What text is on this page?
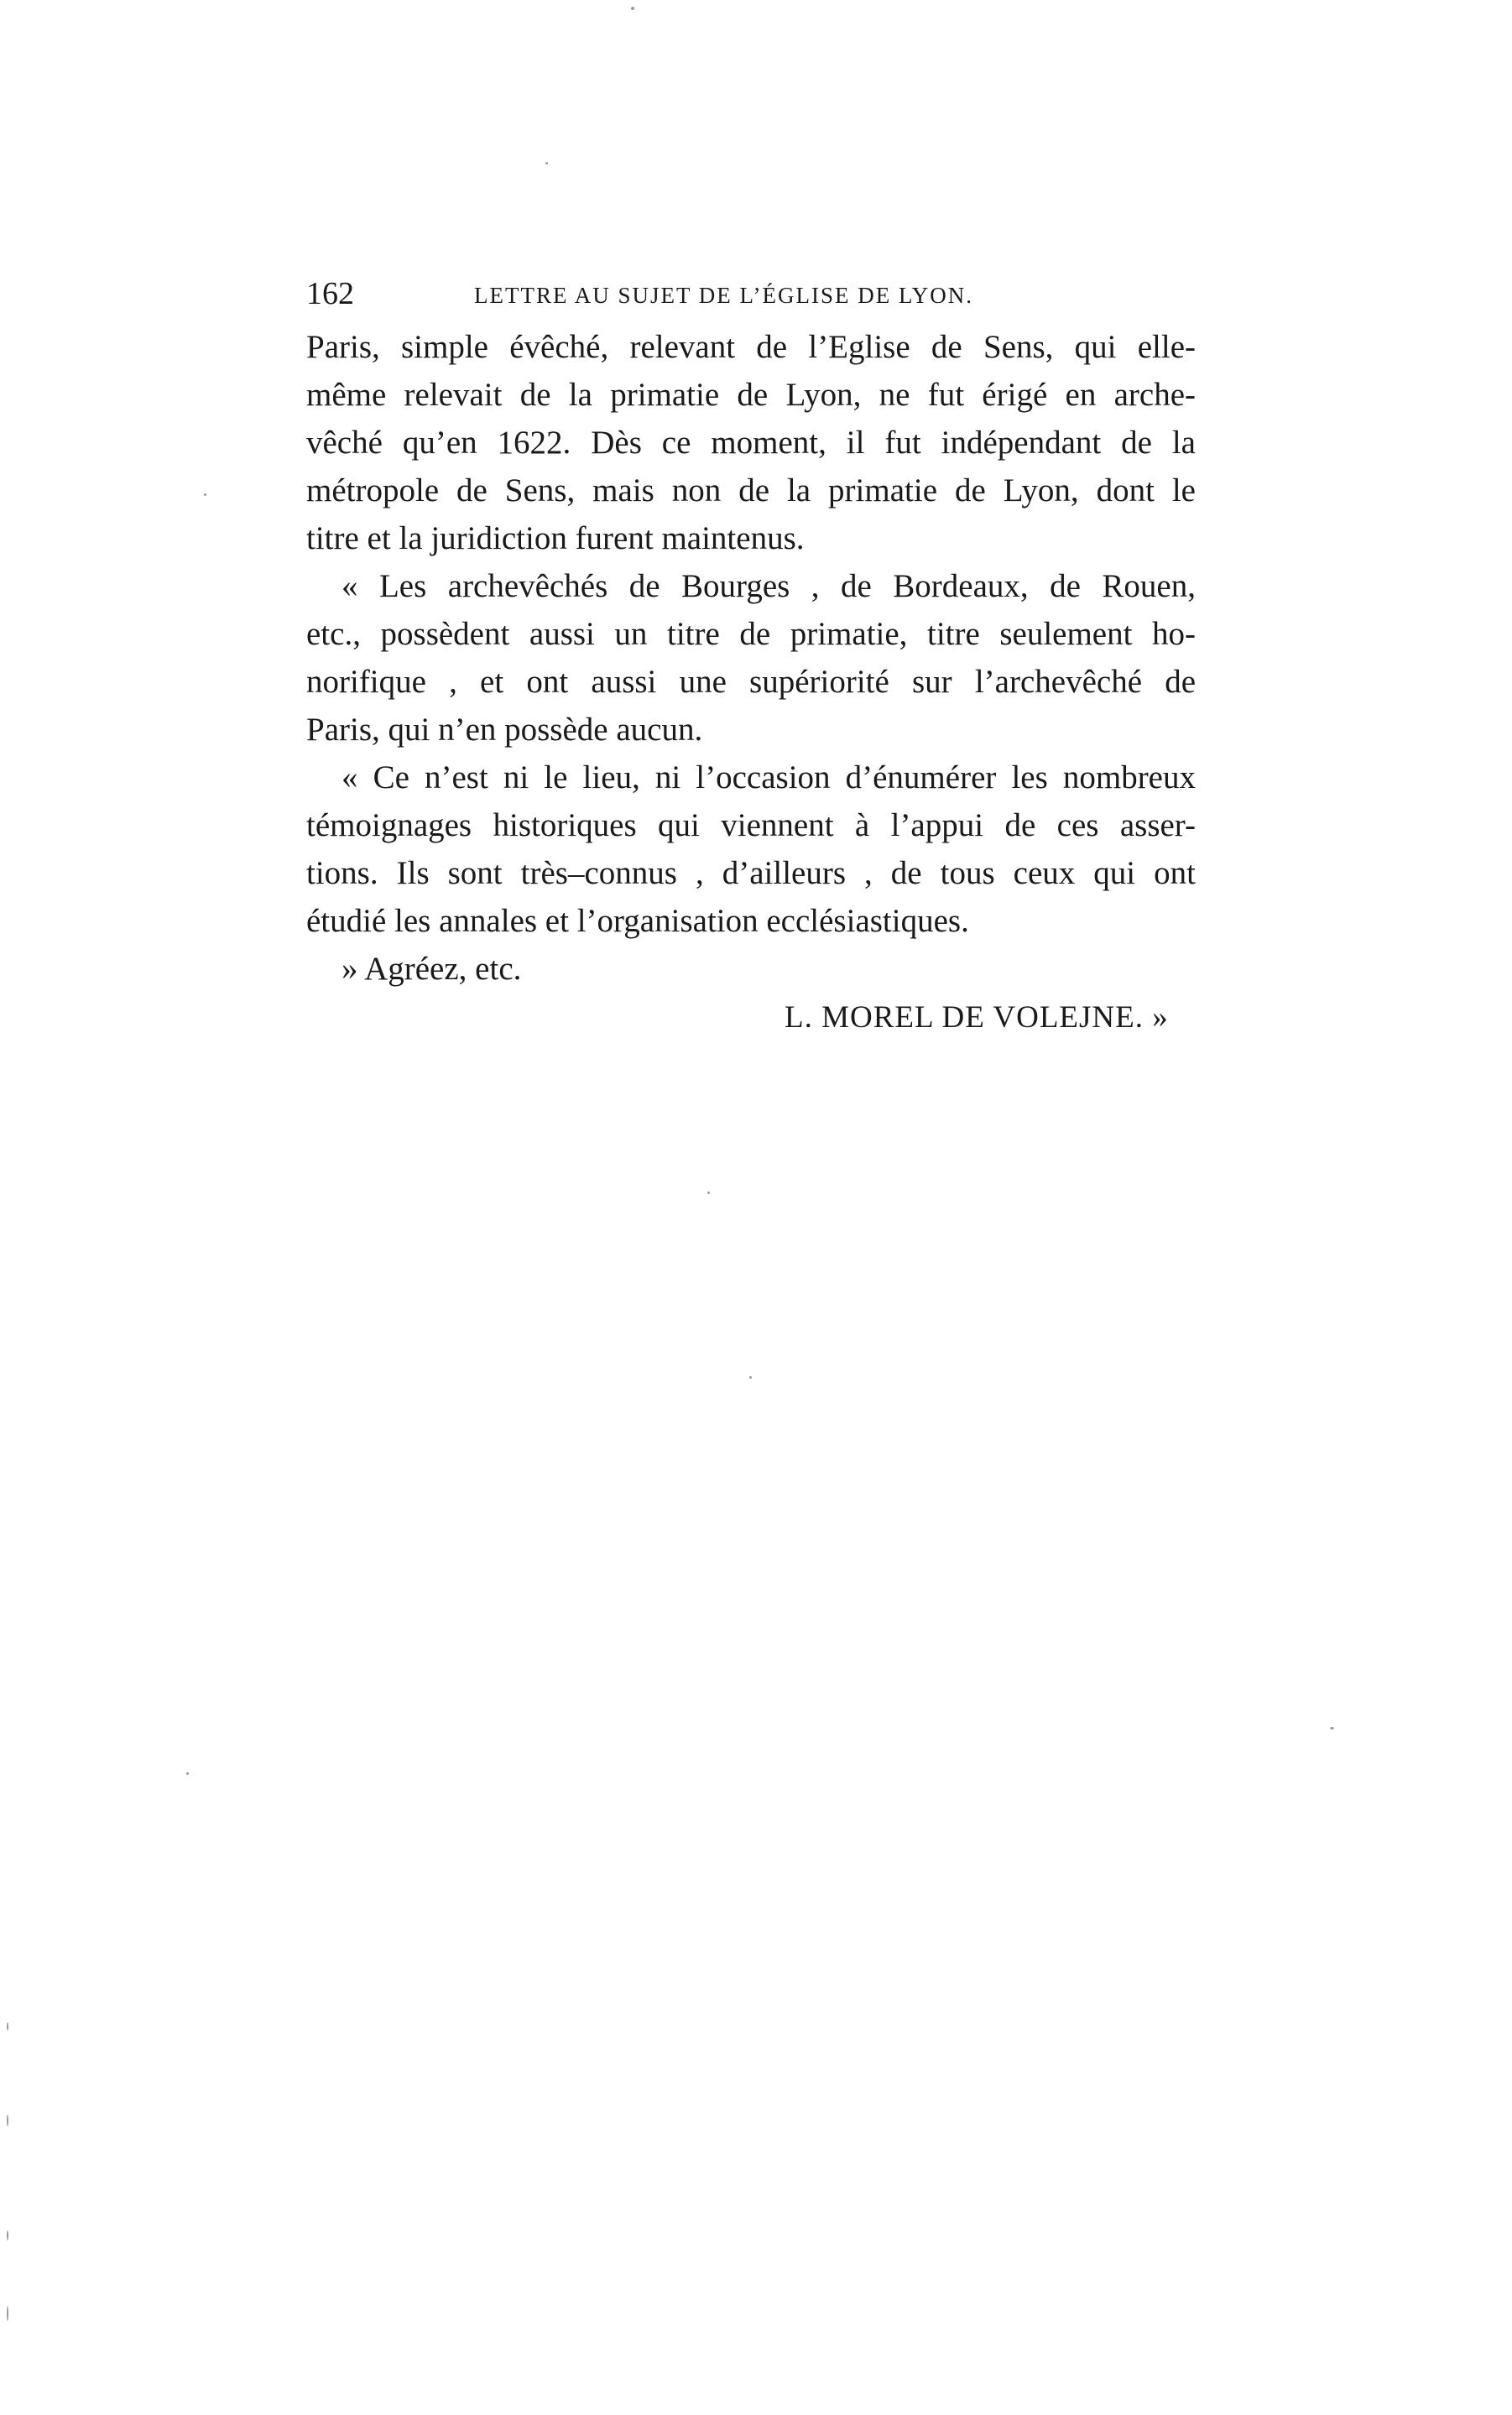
162	LETTRE AU SUJET DE L’ÉGLISE DE LYON.
Paris, simple évêché, relevant de l’Eglise de Sens, qui elle-
même relevait de la primatie de Lyon, ne fut érigé en arche-
vêché qu’en 1622. Dès ce moment, il fut indépendant de la
métropole de Sens, mais non de la primatie de Lyon, dont le
titre et la juridiction furent maintenus.
« Les archevêchés de Bourges , de Bordeaux, de Rouen,
etc., possèdent aussi un titre de primatie, titre seulement ho-
norifique , et ont aussi une supériorité sur l’archevêché de
Paris, qui n’en possède aucun.
« Ce n’est ni le lieu, ni l’occasion d’énumérer les nombreux
témoignages historiques qui viennent à l’appui de ces asser-
tions. Ils sont très–connus , d’ailleurs , de tous ceux qui ont
étudié les annales et l’organisation ecclésiastiques.
» Agréez, etc.
L. MOREL DE VOLEJNE. »
